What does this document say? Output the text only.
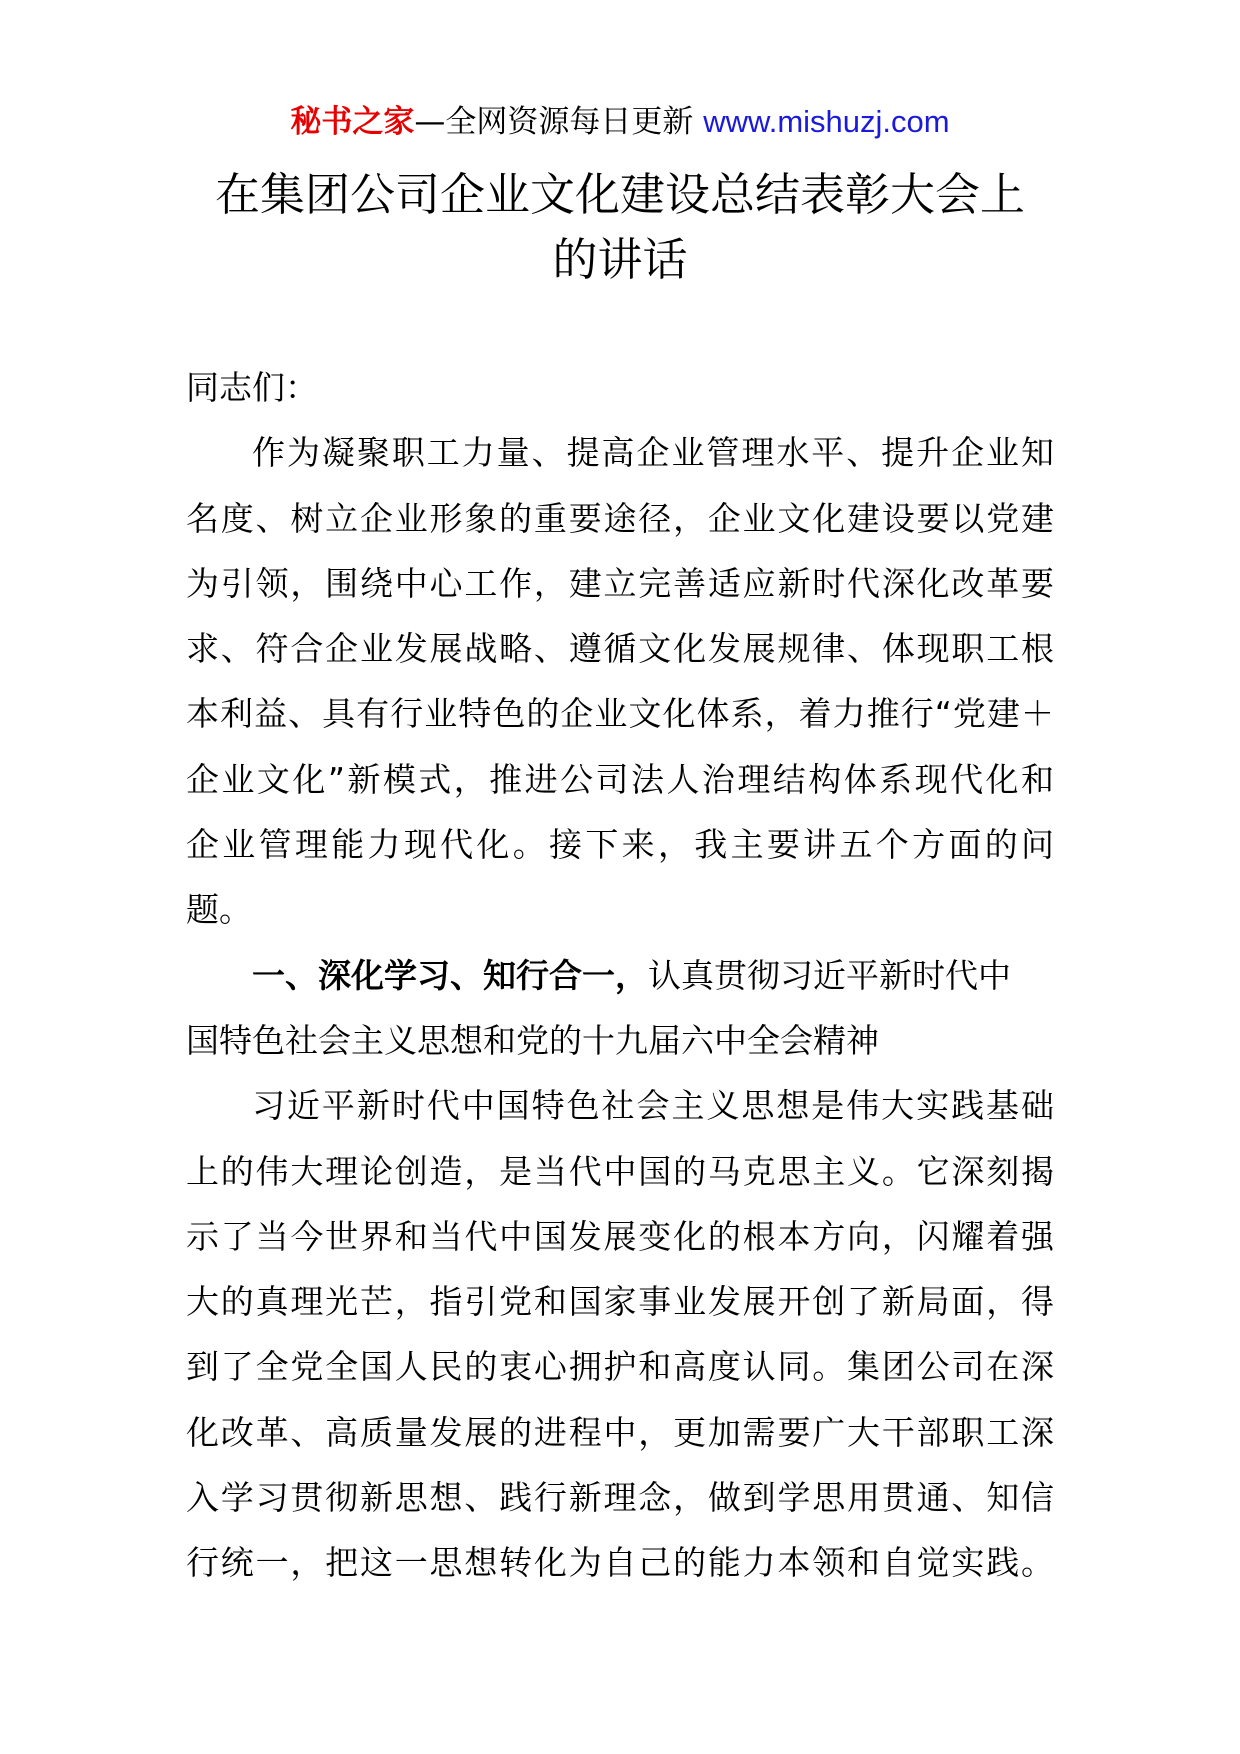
秘书之家—全网资源每日更新 www.mishuzj.com
在集团公司企业文化建设总结表彰大会上
的讲话
同志们：
作为凝聚职工力量、提高企业管理水平、提升企业知
名度、树立企业形象的重要途径，企业文化建设要以党建
为引领，围绕中心工作，建立完善适应新时代深化改革要
求、符合企业发展战略、遵循文化发展规律、体现职工根
本利益、具有行业特色的企业文化体系，着力推行“党建＋
企业文化”新模式，推进公司法人治理结构体系现代化和
企业管理能力现代化。接下来，我主要讲五个方面的问
题。
一、深化学习、知行合一，认真贯彻习近平新时代中
国特色社会主义思想和党的十九届六中全会精神
习近平新时代中国特色社会主义思想是伟大实践基础
上的伟大理论创造，是当代中国的马克思主义。它深刻揭
示了当今世界和当代中国发展变化的根本方向，闪耀着强
大的真理光芒，指引党和国家事业发展开创了新局面，得
到了全党全国人民的衷心拥护和高度认同。集团公司在深
化改革、高质量发展的进程中，更加需要广大干部职工深
入学习贯彻新思想、践行新理念，做到学思用贯通、知信
行统一，把这一思想转化为自己的能力本领和自觉实践。
